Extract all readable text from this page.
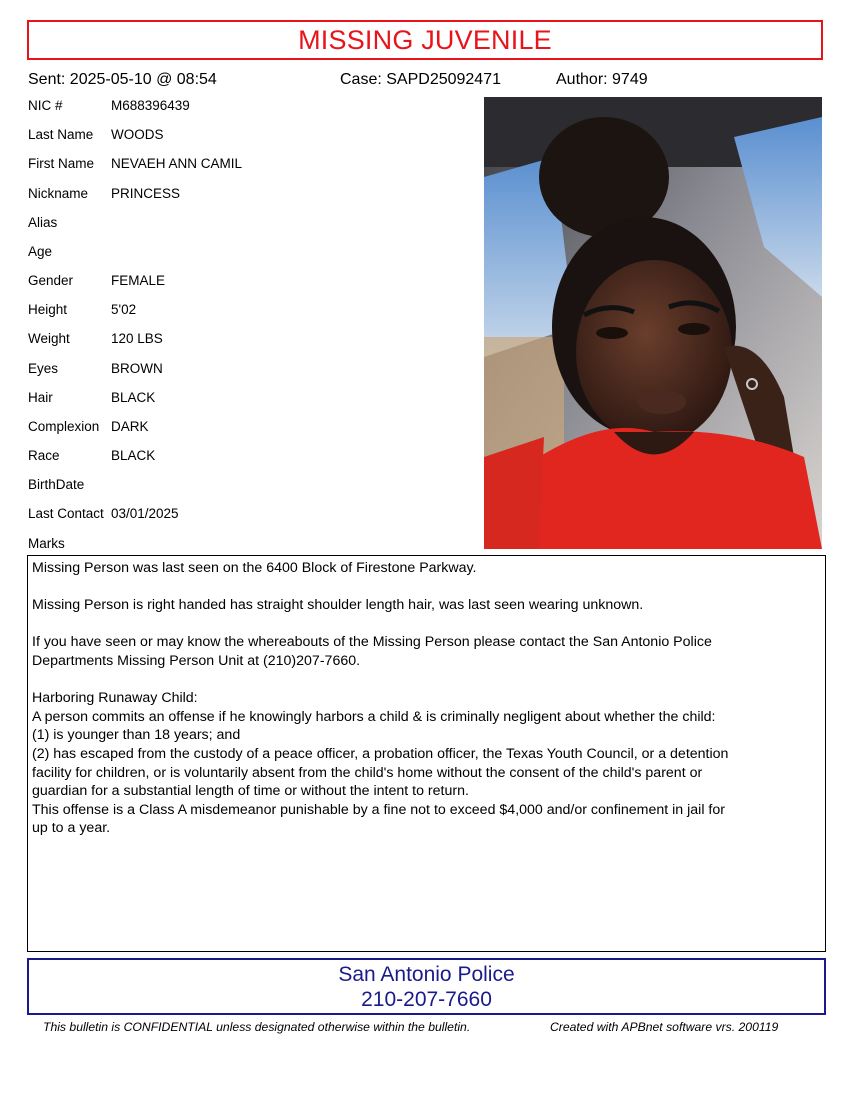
MISSING JUVENILE
Sent: 2025-05-10 @ 08:54	Case: SAPD25092471	Author: 9749
NIC #	M688396439
Last Name	WOODS
First Name	NEVAEH ANN CAMIL
Nickname	PRINCESS
Alias
Age
Gender	FEMALE
Height	5'02
Weight	120 LBS
Eyes	BROWN
Hair	BLACK
Complexion DARK
Race	BLACK
BirthDate
Last Contact 03/01/2025
Marks

Missing Person was last seen on the 6400 Block of Firestone Parkway.

Missing Person is right handed has straight shoulder length hair, was last seen wearing unknown.

If you have seen or may know the whereabouts of the Missing Person please contact the San Antonio Police

Departments Missing Person Unit at (210)207-7660.

Harboring Runaway Child:

A person commits an offense if he knowingly harbors a child & is criminally negligent about whether the child:

(1) is younger than 18 years; and

(2) has escaped from the custody of a peace officer, a probation officer, the Texas Youth Council, or a detention

facility for children, or is voluntarily absent from the child's home without the consent of the child's parent or

guardian for a substantial length of time or without the intent to return.

This offense is a Class A misdemeanor punishable by a fine not to exceed $4,000 and/or confinement in jail for

up to a year.

San Antonio Police
210-207-7660
This bulletin is CONFIDENTIAL unless designated otherwise within the bulletin.	Created with APBnet software vrs. 200119
